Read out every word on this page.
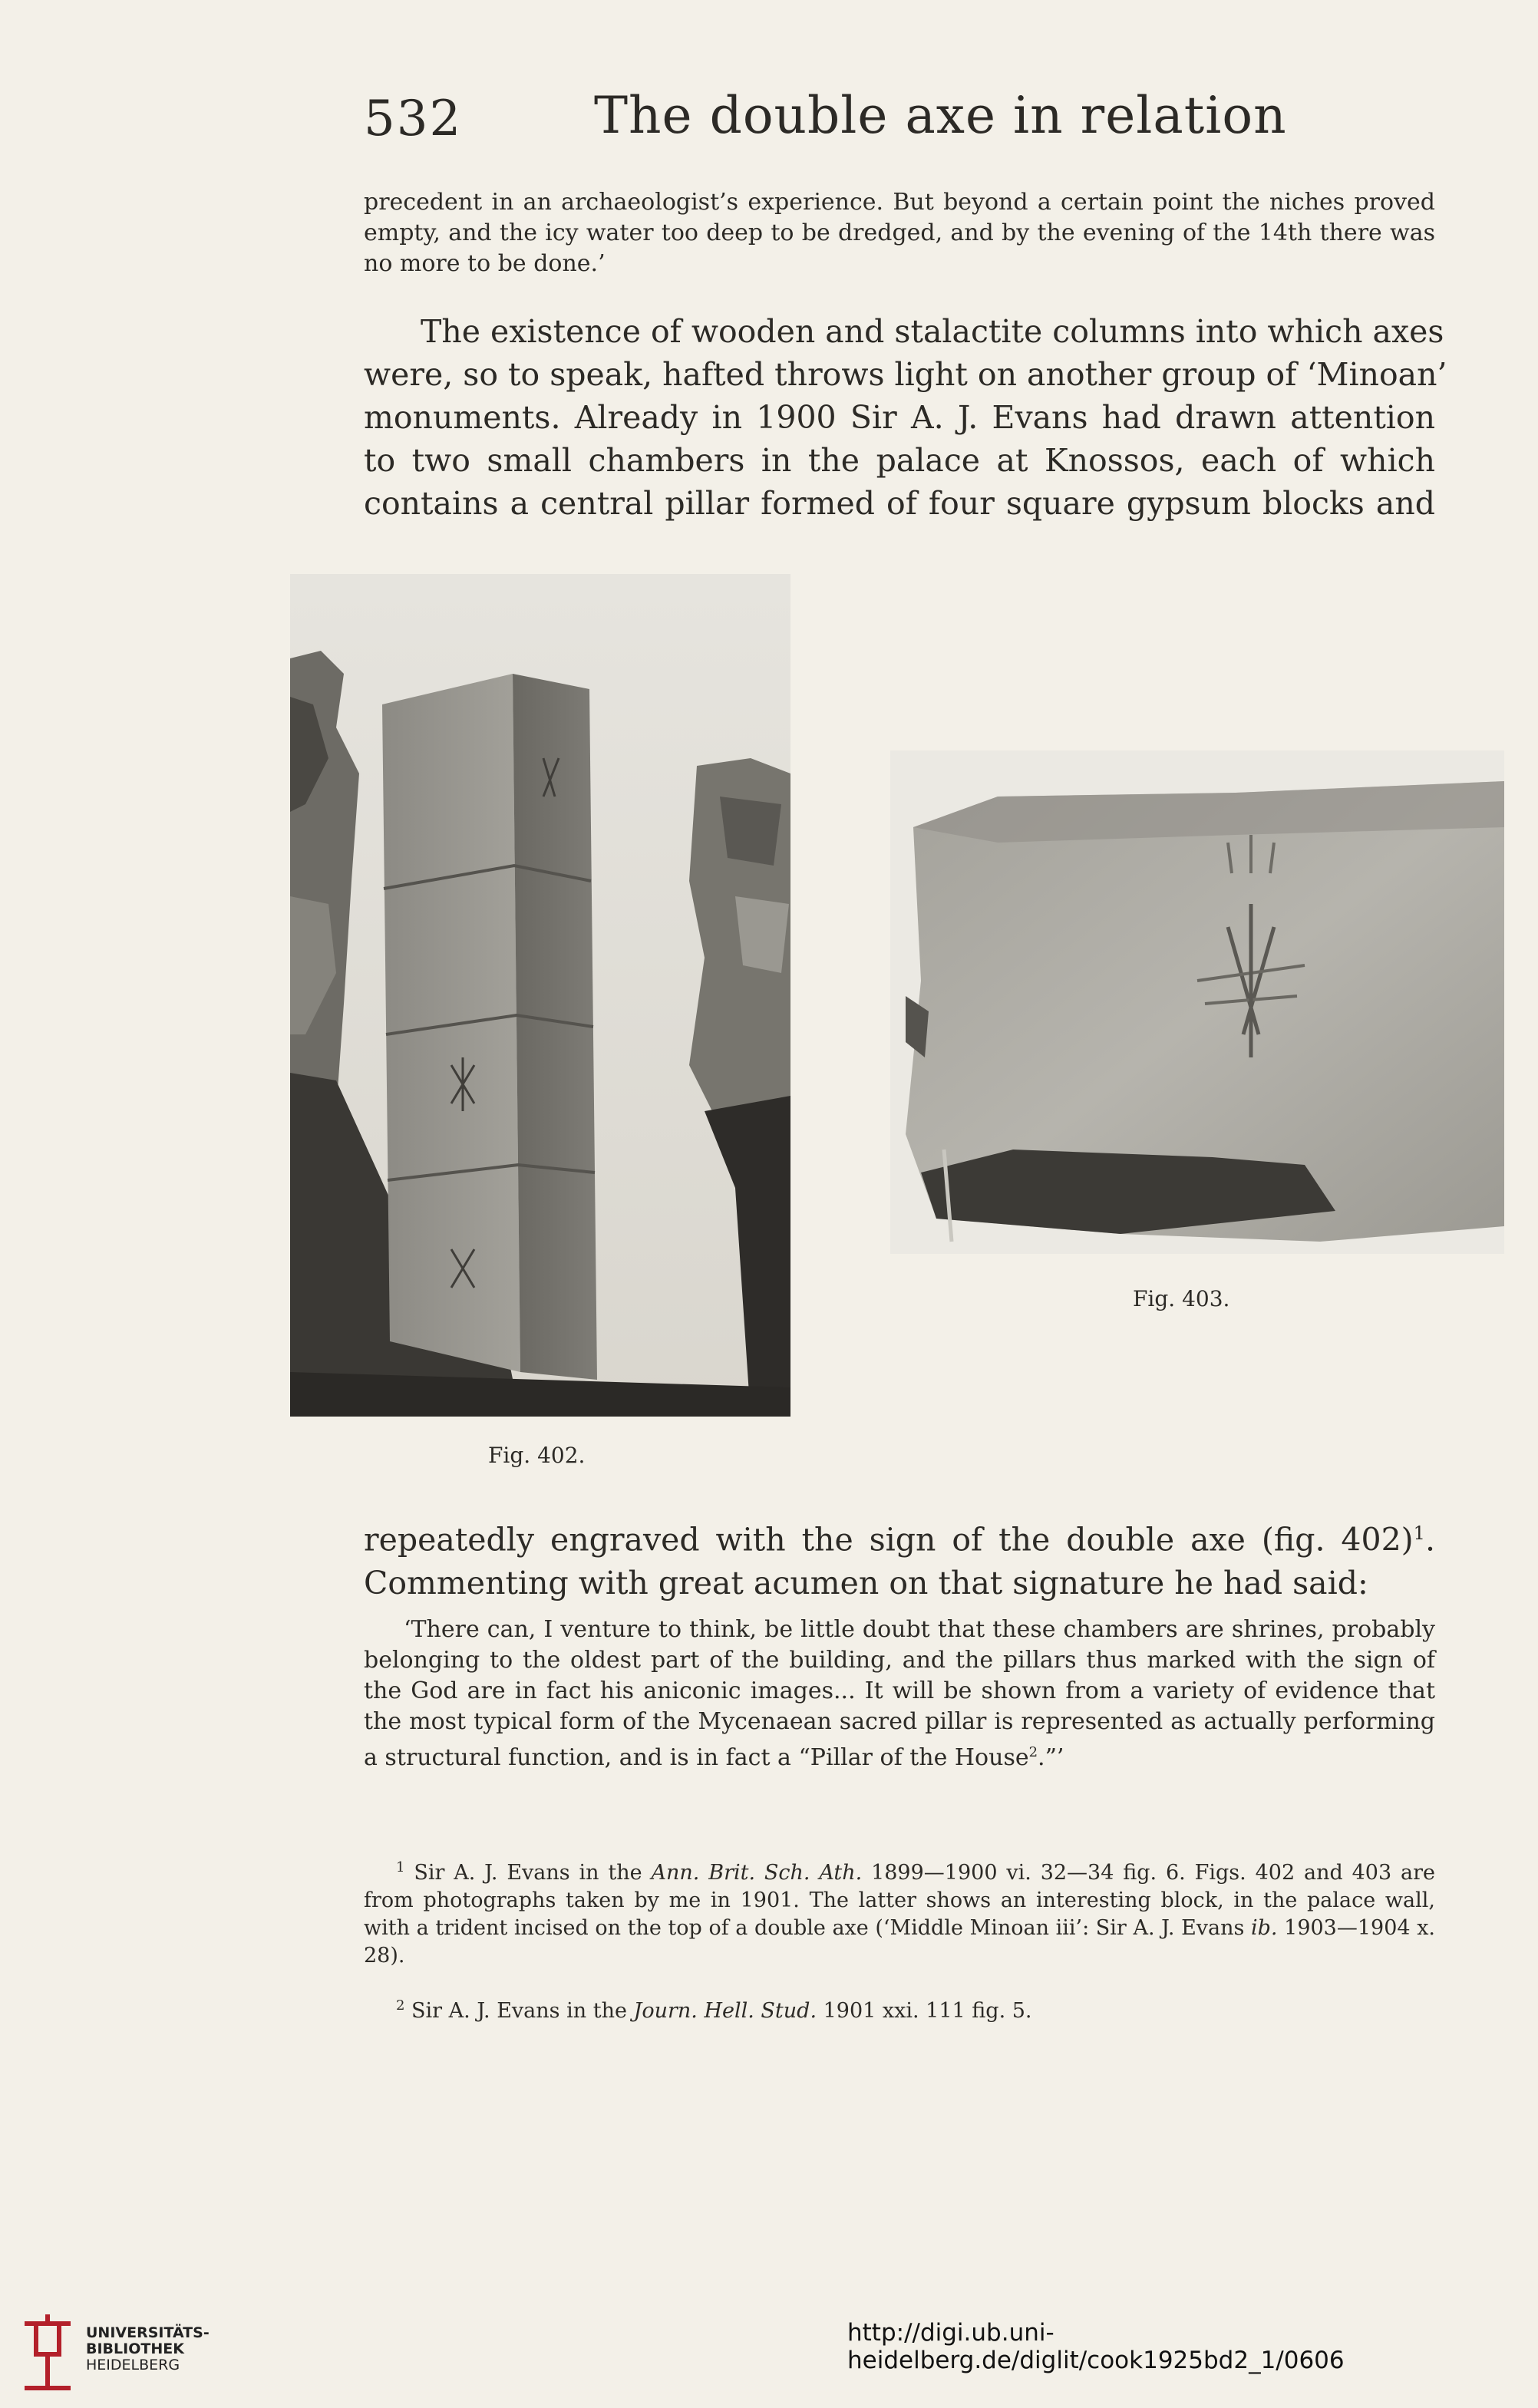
532	The double axe in relation
precedent in an archaeologist’s experience. But beyond a certain point the niches proved empty, and the icy water too deep to be dredged, and by the evening of the 14th there was no more to be done.’
The existence of wooden and stalactite columns into which axes
were, so to speak, hafted throws light on another group of ‘Minoan’
monuments. Already in 1900 Sir A. J. Evans had drawn attention
to two small chambers in the palace at Knossos, each of which
contains a central pillar formed of four square gypsum blocks and
Fig. 402.
Fig. 403.
repeatedly engraved with the sign of the double axe (fig. 402)$^1$.
Commenting with great acumen on that signature he had said:
‘There can, I venture to think, be little doubt that these chambers are shrines, probably belonging to the oldest part of the building, and the pillars thus marked with the sign of the God are in fact his aniconic images... It will be shown from a variety of evidence that the most typical form of the Mycenaean sacred pillar is represented as actually performing a structural function, and is in fact a “Pillar of the House$^2$.”’
$^1$ Sir A. J. Evans in the Ann. Brit. Sch. Ath. 1899—1900 vi. 32—34 fig. 6. Figs. 402 and 403 are from photographs taken by me in 1901. The latter shows an interesting block, in the palace wall, with a trident incised on the top of a double axe (‘Middle Minoan iii’: Sir A. J. Evans ib. 1903—1904 x. 28).
$^2$ Sir A. J. Evans in the Journ. Hell. Stud. 1901 xxi. 111 fig. 5.
UNIVERSITÄTS-
BIBLIOTHEK
HEIDELBERG
http://digi.ub.uni-heidelberg.de/diglit/cook1925bd2_1/0606
